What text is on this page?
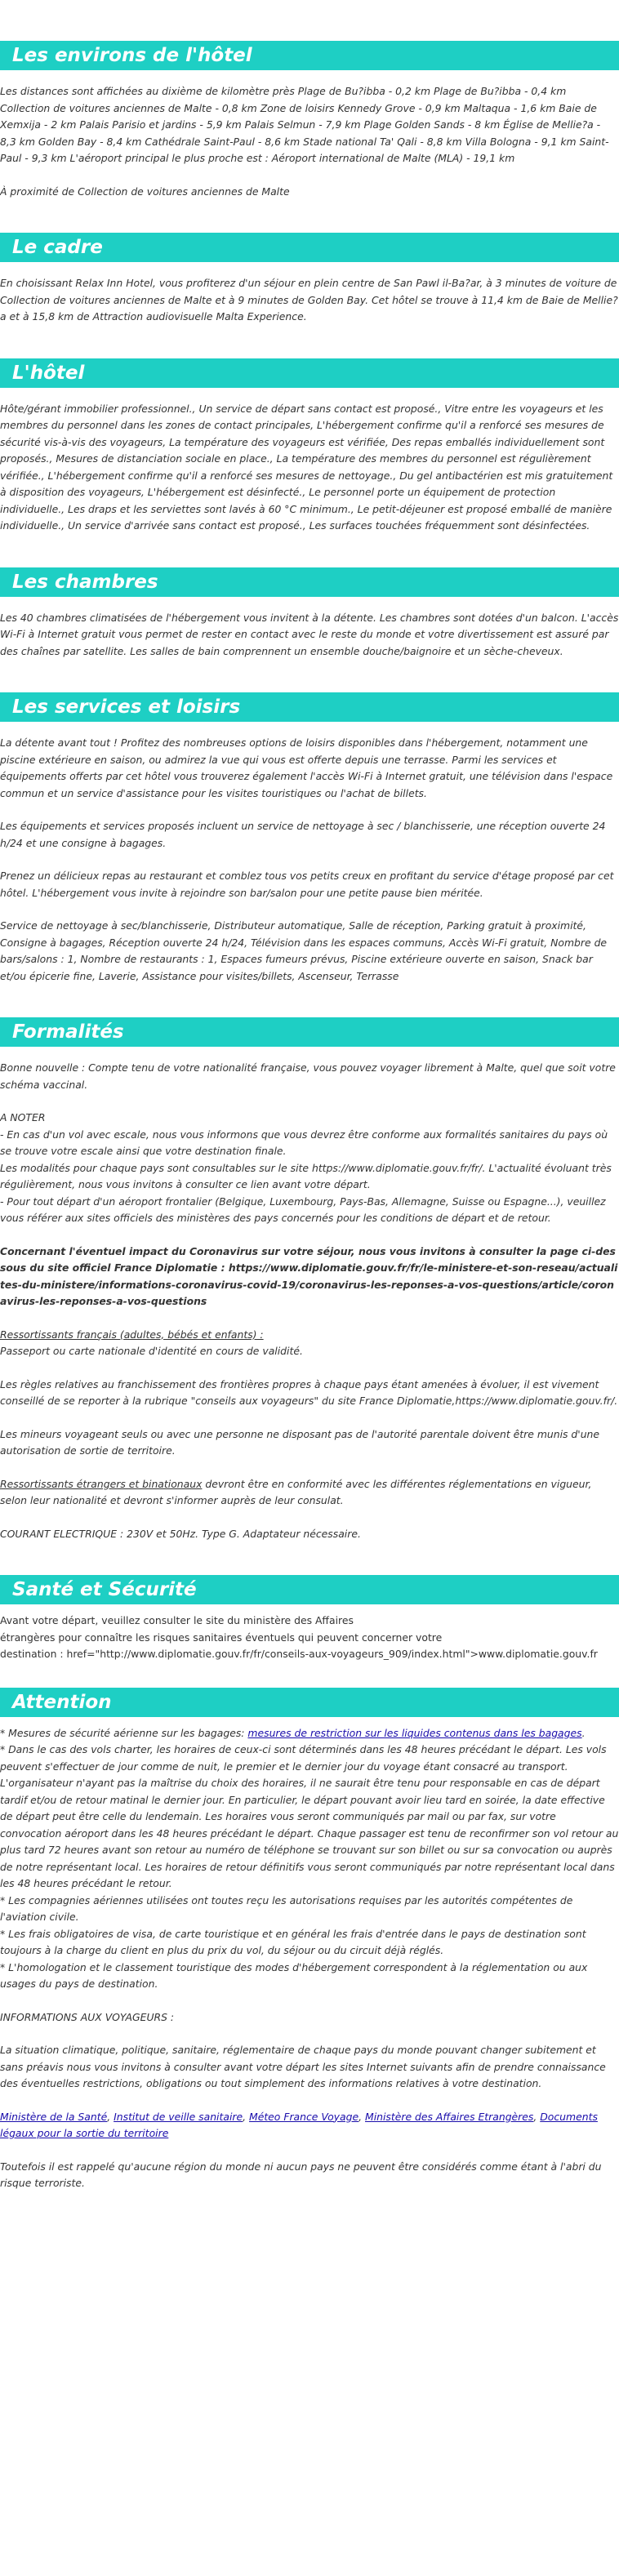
Les environs de l'hôtel

Les distances sont affichées au dixième de kilomètre près Plage de Bu?ibba - 0,2 km Plage de Bu?ibba - 0,4 km Collection de voitures anciennes de Malte - 0,8 km Zone de loisirs Kennedy Grove - 0,9 km Maltaqua - 1,6 km Baie de Xemxija - 2 km Palais Parisio et jardins - 5,9 km Palais Selmun - 7,9 km Plage Golden Sands - 8 km Église de Mellie?a - 8,3 km Golden Bay - 8,4 km Cathédrale Saint-Paul - 8,6 km Stade national Ta' Qali - 8,8 km Villa Bologna - 9,1 km Saint-Paul - 9,3 km L'aéroport principal le plus proche est : Aéroport international de Malte (MLA) - 19,1 km

À proximité de Collection de voitures anciennes de Malte

Le cadre

En choisissant Relax Inn Hotel, vous profiterez d'un séjour en plein centre de San Pawl il-Ba?ar, à 3 minutes de voiture de Collection de voitures anciennes de Malte et à 9 minutes de Golden Bay. Cet hôtel se trouve à 11,4 km de Baie de Mellie?a et à 15,8 km de Attraction audiovisuelle Malta Experience.

L'hôtel

Hôte/gérant immobilier professionnel., Un service de départ sans contact est proposé., Vitre entre les voyageurs et les membres du personnel dans les zones de contact principales, L'hébergement confirme qu'il a renforcé ses mesures de sécurité vis-à-vis des voyageurs, La température des voyageurs est vérifiée, Des repas emballés individuellement sont proposés., Mesures de distanciation sociale en place., La température des membres du personnel est régulièrement vérifiée., L'hébergement confirme qu'il a renforcé ses mesures de nettoyage., Du gel antibactérien est mis gratuitement à disposition des voyageurs, L'hébergement est désinfecté., Le personnel porte un équipement de protection individuelle., Les draps et les serviettes sont lavés à 60 °C minimum., Le petit-déjeuner est proposé emballé de manière individuelle., Un service d'arrivée sans contact est proposé., Les surfaces touchées fréquemment sont désinfectées.

Les chambres

Les 40 chambres climatisées de l'hébergement vous invitent à la détente. Les chambres sont dotées d'un balcon. L'accès Wi-Fi à Internet gratuit vous permet de rester en contact avec le reste du monde et votre divertissement est assuré par des chaînes par satellite. Les salles de bain comprennent un ensemble douche/baignoire et un sèche-cheveux.

Les services et loisirs

La détente avant tout ! Profitez des nombreuses options de loisirs disponibles dans l'hébergement, notamment une piscine extérieure en saison, ou admirez la vue qui vous est offerte depuis une terrasse. Parmi les services et équipements offerts par cet hôtel vous trouverez également l'accès Wi-Fi à Internet gratuit, une télévision dans l'espace commun et un service d'assistance pour les visites touristiques ou l'achat de billets.

Les équipements et services proposés incluent un service de nettoyage à sec / blanchisserie, une réception ouverte 24 h/24 et une consigne à bagages.

Prenez un délicieux repas au restaurant et comblez tous vos petits creux en profitant du service d'étage proposé par cet hôtel. L'hébergement vous invite à rejoindre son bar/salon pour une petite pause bien méritée.

Service de nettoyage à sec/blanchisserie, Distributeur automatique, Salle de réception, Parking gratuit à proximité, Consigne à bagages, Réception ouverte 24 h/24, Télévision dans les espaces communs, Accès Wi-Fi gratuit, Nombre de bars/salons : 1, Nombre de restaurants : 1, Espaces fumeurs prévus, Piscine extérieure ouverte en saison, Snack bar et/ou épicerie fine, Laverie, Assistance pour visites/billets, Ascenseur, Terrasse

Formalités

Bonne nouvelle : Compte tenu de votre nationalité française, vous pouvez voyager librement à Malte, quel que soit votre schéma vaccinal.

A NOTER
- En cas d'un vol avec escale, nous vous informons que vous devrez être conforme aux formalités sanitaires du pays où se trouve votre escale ainsi que votre destination finale.
Les modalités pour chaque pays sont consultables sur le site https://www.diplomatie.gouv.fr/fr/. L'actualité évoluant très régulièrement, nous vous invitons à consulter ce lien avant votre départ.
- Pour tout départ d'un aéroport frontalier (Belgique, Luxembourg, Pays-Bas, Allemagne, Suisse ou Espagne...), veuillez vous référer aux sites officiels des ministères des pays concernés pour les conditions de départ et de retour.

Concernant l'éventuel impact du Coronavirus sur votre séjour, nous vous invitons à consulter la page ci-dessous du site officiel France Diplomatie : https://www.diplomatie.gouv.fr/fr/le-ministere-et-son-reseau/actualites-du-ministere/informations-coronavirus-covid-19/coronavirus-les-reponses-a-vos-questions/article/coronavirus-les-reponses-a-vos-questions

Ressortissants français (adultes, bébés et enfants) :
Passeport ou carte nationale d'identité en cours de validité.

Les règles relatives au franchissement des frontières propres à chaque pays étant amenées à évoluer, il est vivement conseillé de se reporter à la rubrique "conseils aux voyageurs" du site France Diplomatie,https://www.diplomatie.gouv.fr/.

Les mineurs voyageant seuls ou avec une personne ne disposant pas de l'autorité parentale doivent être munis d'une autorisation de sortie de territoire.

Ressortissants étrangers et binationaux devront être en conformité avec les différentes réglementations en vigueur, selon leur nationalité et devront s'informer auprès de leur consulat.

COURANT ELECTRIQUE : 230V et 50Hz. Type G. Adaptateur nécessaire.

Santé et Sécurité
Avant votre départ, veuillez consulter le site du ministère des Affaires
étrangères pour connaître les risques sanitaires éventuels qui peuvent concerner votre
destination : href="http://www.diplomatie.gouv.fr/fr/conseils-aux-voyageurs_909/index.html">www.diplomatie.gouv.fr
Attention
* Mesures de sécurité aérienne sur les bagages: mesures de restriction sur les liquides contenus dans les bagages.
* Dans le cas des vols charter, les horaires de ceux-ci sont déterminés dans les 48 heures précédant le départ. Les vols peuvent s'effectuer de jour comme de nuit, le premier et le dernier jour du voyage étant consacré au transport. L'organisateur n'ayant pas la maîtrise du choix des horaires, il ne saurait être tenu pour responsable en cas de départ tardif et/ou de retour matinal le dernier jour. En particulier, le départ pouvant avoir lieu tard en soirée, la date effective de départ peut être celle du lendemain. Les horaires vous seront communiqués par mail ou par fax, sur votre convocation aéroport dans les 48 heures précédant le départ. Chaque passager est tenu de reconfirmer son vol retour au plus tard 72 heures avant son retour au numéro de téléphone se trouvant sur son billet ou sur sa convocation ou auprès de notre représentant local. Les horaires de retour définitifs vous seront communiqués par notre représentant local dans les 48 heures précédant le retour.
* Les compagnies aériennes utilisées ont toutes reçu les autorisations requises par les autorités compétentes de l'aviation civile.
* Les frais obligatoires de visa, de carte touristique et en général les frais d'entrée dans le pays de destination sont toujours à la charge du client en plus du prix du vol, du séjour ou du circuit déjà réglés.
* L'homologation et le classement touristique des modes d'hébergement correspondent à la réglementation ou aux usages du pays de destination.

INFORMATIONS AUX VOYAGEURS :

La situation climatique, politique, sanitaire, réglementaire de chaque pays du monde pouvant changer subitement et sans préavis nous vous invitons à consulter avant votre départ les sites Internet suivants afin de prendre connaissance des éventuelles restrictions, obligations ou tout simplement des informations relatives à votre destination.

Ministère de la Santé, Institut de veille sanitaire, Méteo France Voyage, Ministère des Affaires Etrangères, Documents légaux pour la sortie du territoire

Toutefois il est rappelé qu'aucune région du monde ni aucun pays ne peuvent être considérés comme étant à l'abri du risque terroriste.
